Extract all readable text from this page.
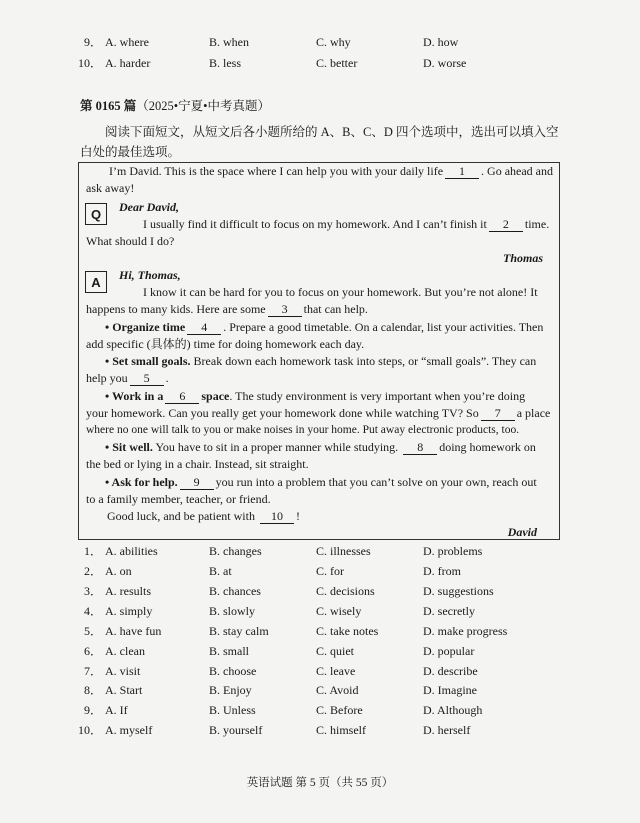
9． A. where	B. when	C. why	D. how
10． A. harder	B. less	C. better	D. worse
第 0165 篇（2025•宁夏•中考真题）
阅读下面短文，从短文后各小题所给的 A、B、C、D 四个选项中，选出可以填入空白处的最佳选项。
I’m David. This is the space where I can help you with your daily life 1 . Go ahead and
ask away!
Q	Dear David,
I usually find it difficult to focus on my homework. And I can’t finish it 2 time.
What should I do?
Thomas
A	Hi, Thomas,
I know it can be hard for you to focus on your homework. But you’re not alone! It
happens to many kids. Here are some 3 that can help.
• Organize time 4 . Prepare a good timetable. On a calendar, list your activities. Then
add specific (具体的) time for doing homework each day.
• Set small goals. Break down each homework task into steps, or “small goals”. They can
help you 5 .
• Work in a 6 space. The study environment is very important when you’re doing
your homework. Can you really get your homework done while watching TV? So 7 a place
where no one will talk to you or make noises in your home. Put away electronic products, too.
• Sit well. You have to sit in a proper manner while studying. 8 doing homework on
the bed or lying in a chair. Instead, sit straight.
• Ask for help. 9 you run into a problem that you can’t solve on your own, reach out
to a family member, teacher, or friend.
Good luck, and be patient with 10 !
David
1． A. abilities	B. changes	C. illnesses	D. problems
2． A. on	B. at	C. for	D. from
3． A. results	B. chances	C. decisions	D. suggestions
4． A. simply	B. slowly	C. wisely	D. secretly
5． A. have fun	B. stay calm	C. take notes	D. make progress
6． A. clean	B. small	C. quiet	D. popular
7． A. visit	B. choose	C. leave	D. describe
8． A. Start	B. Enjoy	C. Avoid	D. Imagine
9． A. If	B. Unless	C. Before	D. Although
10． A. myself	B. yourself	C. himself	D. herself
英语试题 第 5 页（共 55 页）
